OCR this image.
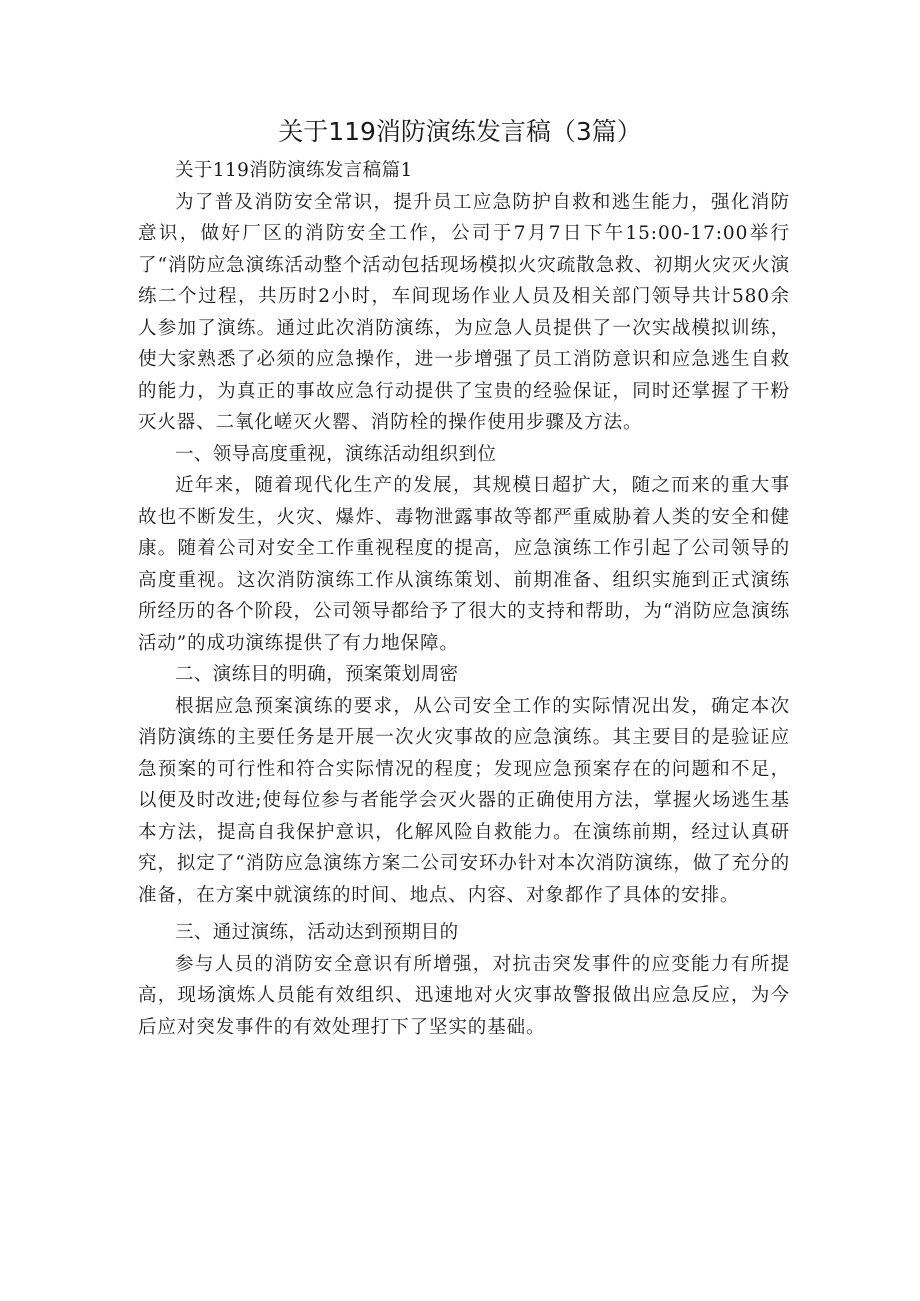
关于119消防演练发言稿（3篇）

关于119消防演练发言稿篇1

为了普及消防安全常识，提升员工应急防护自救和逃生能力，强化消防意识，做好厂区的消防安全工作，公司于7月7日下午15:00-17:00举行了“消防应急演练活动整个活动包括现场模拟火灾疏散急救、初期火灾灭火演练二个过程，共历时2小时，车间现场作业人员及相关部门领导共计580余人参加了演练。通过此次消防演练，为应急人员提供了一次实战模拟训练，使大家熟悉了必须的应急操作，进一步增强了员工消防意识和应急逃生自救的能力，为真正的事故应急行动提供了宝贵的经验保证，同时还掌握了干粉灭火器、二氧化嵯灭火罂、消防栓的操作使用步骤及方法。

一、领导高度重视，演练活动组织到位

近年来，随着现代化生产的发展，其规模日超扩大，随之而来的重大事故也不断发生，火灾、爆炸、毒物泄露事故等都严重威胁着人类的安全和健康。随着公司对安全工作重视程度的提高，应急演练工作引起了公司领导的高度重视。这次消防演练工作从演练策划、前期准备、组织实施到正式演练所经历的各个阶段，公司领导都给予了很大的支持和帮助，为“消防应急演练活动”的成功演练提供了有力地保障。

二、演练目的明确，预案策划周密

根据应急预案演练的要求，从公司安全工作的实际情况出发，确定本次消防演练的主要任务是开展一次火灾事故的应急演练。其主要目的是验证应急预案的可行性和符合实际情况的程度；发现应急预案存在的问题和不足，以便及时改进;使每位参与者能学会灭火器的正确使用方法，掌握火场逃生基本方法，提高自我保护意识，化解风险自救能力。在演练前期，经过认真研究，拟定了“消防应急演练方案二公司安环办针对本次消防演练，做了充分的准备，在方案中就演练的时间、地点、内容、对象都作了具体的安排。

三、通过演练，活动达到预期目的

参与人员的消防安全意识有所增强，对抗击突发事件的应变能力有所提高，现场演炼人员能有效组织、迅速地对火灾事故警报做出应急反应，为今后应对突发事件的有效处理打下了坚实的基础。
